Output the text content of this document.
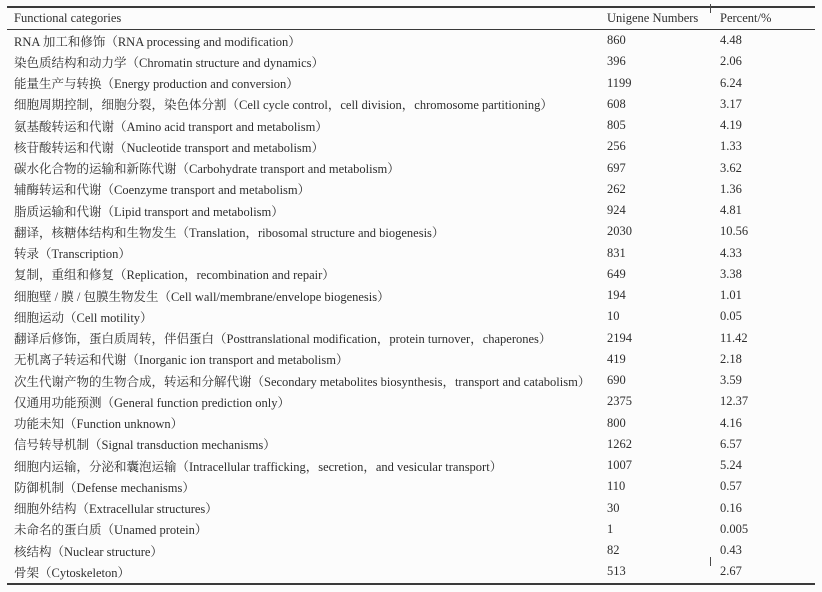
Functional categories	Unigene Numbers	Percent/%
RNA 加工和修饰（RNA processing and modification）	860	4.48
染色质结构和动力学（Chromatin structure and dynamics）	396	2.06
能量生产与转换（Energy production and conversion）	1199	6.24
细胞周期控制，细胞分裂，染色体分割（Cell cycle control，cell division，chromosome partitioning）	608	3.17
氨基酸转运和代谢（Amino acid transport and metabolism）	805	4.19
核苷酸转运和代谢（Nucleotide transport and metabolism）	256	1.33
碳水化合物的运输和新陈代谢（Carbohydrate transport and metabolism）	697	3.62
辅酶转运和代谢（Coenzyme transport and metabolism）	262	1.36
脂质运输和代谢（Lipid transport and metabolism）	924	4.81
翻译，核糖体结构和生物发生（Translation，ribosomal structure and biogenesis）	2030	10.56
转录（Transcription）	831	4.33
复制，重组和修复（Replication，recombination and repair）	649	3.38
细胞壁 / 膜 / 包膜生物发生（Cell wall/membrane/envelope biogenesis）	194	1.01
细胞运动（Cell motility）	10	0.05
翻译后修饰，蛋白质周转，伴侣蛋白（Posttranslational modification，protein turnover，chaperones）	2194	11.42
无机离子转运和代谢（Inorganic ion transport and metabolism）	419	2.18
次生代谢产物的生物合成，转运和分解代谢（Secondary metabolites biosynthesis，transport and catabolism）	690	3.59
仅通用功能预测（General function prediction only）	2375	12.37
功能未知（Function unknown）	800	4.16
信号转导机制（Signal transduction mechanisms）	1262	6.57
细胞内运输，分泌和囊泡运输（Intracellular trafficking，secretion，and vesicular transport）	1007	5.24
防御机制（Defense mechanisms）	110	0.57
细胞外结构（Extracellular structures）	30	0.16
未命名的蛋白质（Unamed protein）	1	0.005
核结构（Nuclear structure）	82	0.43
骨架（Cytoskeleton）	513	2.67
